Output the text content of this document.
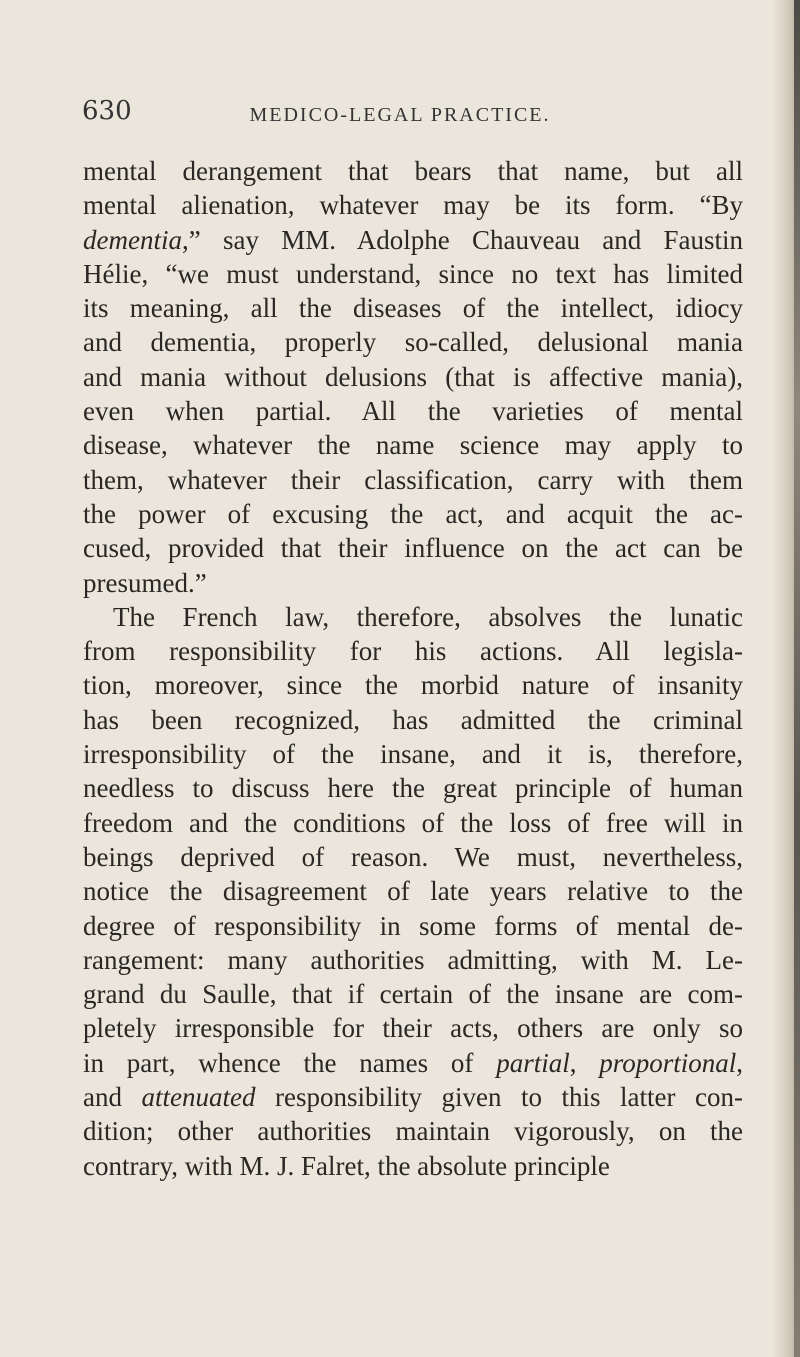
630	MEDICO-LEGAL PRACTICE.
mental derangement that bears that name, but all
mental alienation, whatever may be its form. “By
dementia,” say MM. Adolphe Chauveau and Faustin
Hélie, “we must understand, since no text has limited
its meaning, all the diseases of the intellect, idiocy
and dementia, properly so-called, delusional mania
and mania without delusions (that is affective mania),
even when partial. All the varieties of mental
disease, whatever the name science may apply to
them, whatever their classification, carry with them
the power of excusing the act, and acquit the ac-
cused, provided that their influence on the act can be
presumed.”
The French law, therefore, absolves the lunatic
from responsibility for his actions. All legisla-
tion, moreover, since the morbid nature of insanity
has been recognized, has admitted the criminal
irresponsibility of the insane, and it is, therefore,
needless to discuss here the great principle of human
freedom and the conditions of the loss of free will in
beings deprived of reason. We must, nevertheless,
notice the disagreement of late years relative to the
degree of responsibility in some forms of mental de-
rangement: many authorities admitting, with M. Le-
grand du Saulle, that if certain of the insane are com-
pletely irresponsible for their acts, others are only so
in part, whence the names of partial, proportional,
and attenuated responsibility given to this latter con-
dition; other authorities maintain vigorously, on the
contrary, with M. J. Falret, the absolute principle
